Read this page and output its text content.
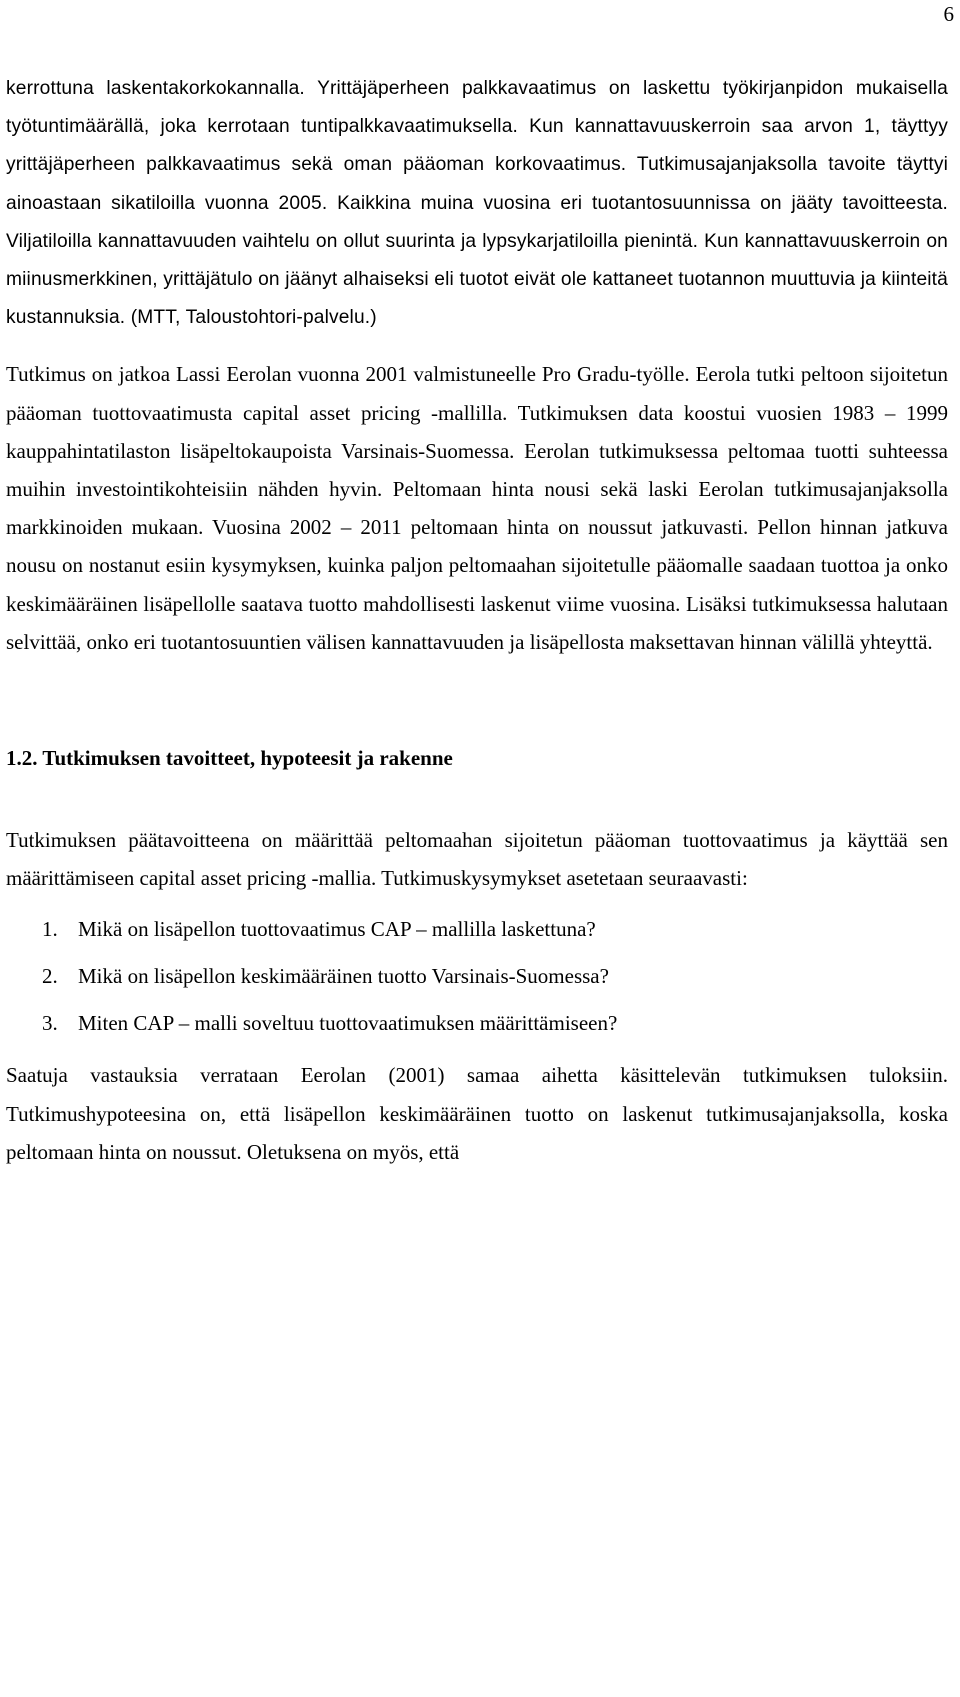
6

kerrottuna laskentakorkokannalla. Yrittäjäperheen palkkavaatimus on laskettu työkirjanpidon mukaisella työtuntimäärällä, joka kerrotaan tuntipalkkavaatimuksella. Kun kannattavuuskerroin saa arvon 1, täyttyy yrittäjäperheen palkkavaatimus sekä oman pääoman korkovaatimus. Tutkimusajanjaksolla tavoite täyttyi ainoastaan sikatiloilla vuonna 2005. Kaikkina muina vuosina eri tuotantosuunnissa on jääty tavoitteesta. Viljatiloilla kannattavuuden vaihtelu on ollut suurinta ja lypsykarjatiloilla pienintä. Kun kannattavuuskerroin on miinusmerkkinen, yrittäjätulo on jäänyt alhaiseksi eli tuotot eivät ole kattaneet tuotannon muuttuvia ja kiinteitä kustannuksia. (MTT, Taloustohtori-palvelu.)

Tutkimus on jatkoa Lassi Eerolan vuonna 2001 valmistuneelle Pro Gradu-työlle. Eerola tutki peltoon sijoitetun pääoman tuottovaatimusta capital asset pricing -mallilla. Tutkimuksen data koostui vuosien 1983 – 1999 kauppahintatilaston lisäpeltokaupoista Varsinais-Suomessa. Eerolan tutkimuksessa peltomaa tuotti suhteessa muihin investointikohteisiin nähden hyvin. Peltomaan hinta nousi sekä laski Eerolan tutkimusajanjaksolla markkinoiden mukaan. Vuosina 2002 – 2011 peltomaan hinta on noussut jatkuvasti. Pellon hinnan jatkuva nousu on nostanut esiin kysymyksen, kuinka paljon peltomaahan sijoitetulle pääomalle saadaan tuottoa ja onko keskimääräinen lisäpellolle saatava tuotto mahdollisesti laskenut viime vuosina. Lisäksi tutkimuksessa halutaan selvittää, onko eri tuotantosuuntien välisen kannattavuuden ja lisäpellosta maksettavan hinnan välillä yhteyttä.

1.2. Tutkimuksen tavoitteet, hypoteesit ja rakenne

Tutkimuksen päätavoitteena on määrittää peltomaahan sijoitetun pääoman tuottovaatimus ja käyttää sen määrittämiseen capital asset pricing -mallia. Tutkimuskysymykset asetetaan seuraavasti:

1. Mikä on lisäpellon tuottovaatimus CAP – mallilla laskettuna?
2. Mikä on lisäpellon keskimääräinen tuotto Varsinais-Suomessa?
3. Miten CAP – malli soveltuu tuottovaatimuksen määrittämiseen?

Saatuja vastauksia verrataan Eerolan (2001) samaa aihetta käsittelevän tutkimuksen tuloksiin. Tutkimushypoteesina on, että lisäpellon keskimääräinen tuotto on laskenut tutkimusajanjaksolla, koska peltomaan hinta on noussut. Oletuksena on myös, että
